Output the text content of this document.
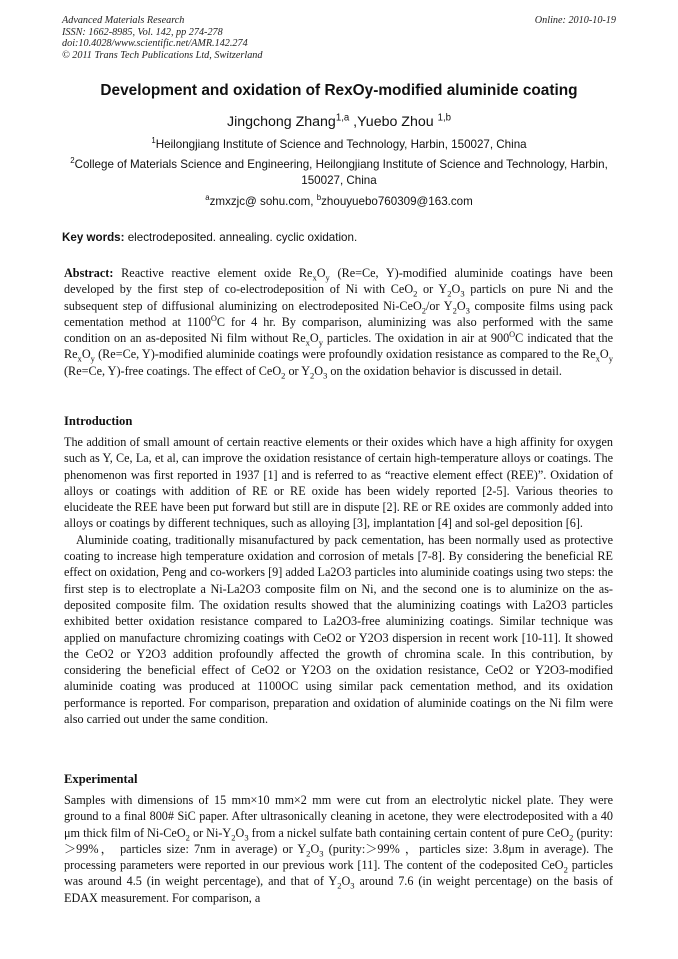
Advanced Materials Research
ISSN: 1662-8985, Vol. 142, pp 274-278
doi:10.4028/www.scientific.net/AMR.142.274
© 2011 Trans Tech Publications Ltd, Switzerland
Online: 2010-10-19
Development and oxidation of RexOy-modified aluminide coating
Jingchong Zhang$^{1,a}$ ,Yuebo Zhou $^{1,b}$
$^1$Heilongjiang Institute of Science and Technology, Harbin, 150027, China
$^2$College of Materials Science and Engineering, Heilongjiang Institute of Science and Technology, Harbin, 150027, China
$^a$zmxzjc@ sohu.com, $^b$zhouyuebo760309@163.com
Key words: electrodeposited. annealing. cyclic oxidation.

Abstract: Reactive reactive element oxide $Re_xO_y$ (Re=Ce, Y)-modified aluminide coatings have been developed by the first step of co-electrodeposition of Ni with CeO$_2$ or $Y_2O_3$ particls on pure Ni and the subsequent step of diffusional aluminizing on electrodeposited Ni-CeO$_2$/or $Y_2O_3$ composite films using pack cementation method at $1100^OC$ for 4 hr. By comparison, aluminizing was also performed with the same condition on an as-deposited Ni film without $Re_xO_y$ particles. The oxidation in air at $900^OC$ indicated that the $Re_xO_y$ (Re=Ce, Y)-modified aluminide coatings were profoundly oxidation resistance as compared to the $Re_xO_y$ (Re=Ce, Y)-free coatings. The effect of CeO$_2$ or $Y_2O_3$ on the oxidation behavior is discussed in detail.

Introduction

The addition of small amount of certain reactive elements or their oxides which have a high affinity for oxygen such as Y, Ce, La, et al, can improve the oxidation resistance of certain high-temperature alloys or coatings. The phenomenon was first reported in 1937 [1] and is referred to as “reactive element effect (REE)”. Oxidation of alloys or coatings with addition of RE or RE oxide has been widely reported [2-5]. Various theories to elucideate the REE have been put forward but still are in dispute [2]. RE or RE oxides are commonly added into alloys or coatings by different techniques, such as alloying [3], implantation [4] and sol-gel deposition [6].

Aluminide coating, traditionally misanufactured by pack cementation, has been normally used as protective coating to increase high temperature oxidation and corrosion of metals [7-8]. By considering the beneficial RE effect on oxidation, Peng and co-workers [9] added La2O3 particles into aluminide coatings using two steps: the first step is to electroplate a Ni-La2O3 composite film on Ni, and the second one is to aluminize on the as-deposited composite film. The oxidation results showed that the aluminizing coatings with La2O3 particles exhibited better oxidation resistance compared to La2O3-free aluminizing coatings. Similar technique was applied on manufacture chromizing coatings with CeO2 or Y2O3 dispersion in recent work [10-11]. It showed the CeO2 or Y2O3 addition profoundly affected the growth of chromina scale. In this contribution, by considering the beneficial effect of CeO2 or Y2O3 on the oxidation resistance, CeO2 or Y2O3-modified aluminide coating was produced at 1100OC using similar pack cementation method, and its oxidation performance is reported. For comparison, preparation and oxidation of aluminide coatings on the Ni film were also carried out under the same condition.

Experimental

Samples with dimensions of 15 mm×10 mm×2 mm were cut from an electrolytic nickel plate. They were ground to a final 800# SiC paper. After ultrasonically cleaning in acetone, they were electrodeposited with a 40 μm thick film of Ni-CeO$_2$ or $Ni-Y_2O_3$ from a nickel sulfate bath containing certain content of pure CeO$_2$ (purity:＞99%， particles size: 7nm in average) or $Y_2O_3$ (purity:＞99% ，particles size: 3.8μm in average). The processing parameters were reported in our previous work [11]. The content of the codeposited CeO$_2$ particles was around 4.5 (in weight percentage), and that of $Y_2O_3$ around 7.6 (in weight percentage) on the basis of EDAX measurement. For comparison, a
